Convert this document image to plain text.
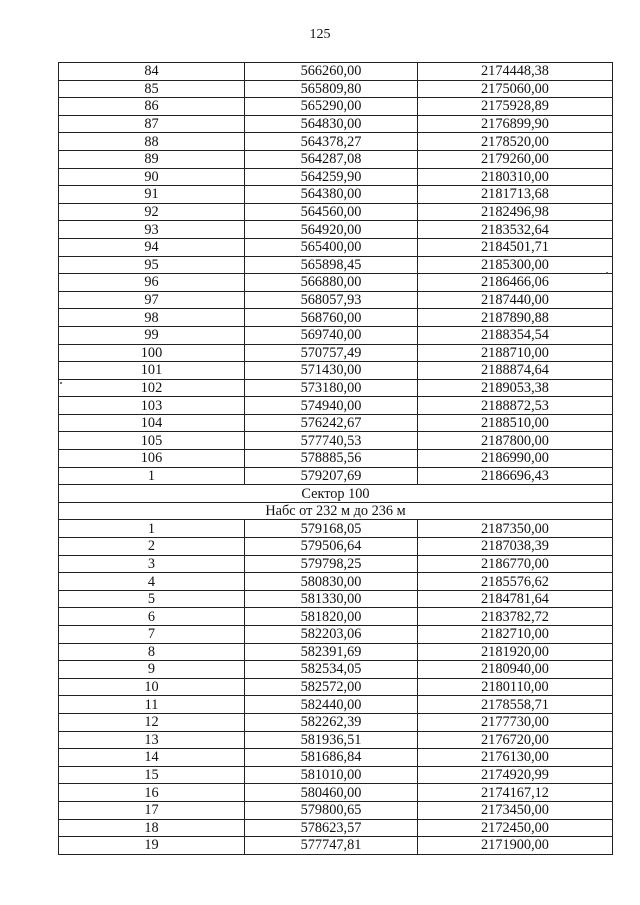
125
84	566260,00	2174448,38
85	565809,80	2175060,00
86	565290,00	2175928,89
87	564830,00	2176899,90
88	564378,27	2178520,00
89	564287,08	2179260,00
90	564259,90	2180310,00
91	564380,00	2181713,68
92	564560,00	2182496,98
93	564920,00	2183532,64
94	565400,00	2184501,71
95	565898,45	2185300,00
96	566880,00	2186466,06
97	568057,93	2187440,00
98	568760,00	2187890,88
99	569740,00	2188354,54
100	570757,49	2188710,00
101	571430,00	2188874,64
102	573180,00	2189053,38
103	574940,00	2188872,53
104	576242,67	2188510,00
105	577740,53	2187800,00
106	578885,56	2186990,00
1	579207,69	2186696,43
Сектор 100		
Набс от 232 м до 236 м		
1	579168,05	2187350,00
2	579506,64	2187038,39
3	579798,25	2186770,00
4	580830,00	2185576,62
5	581330,00	2184781,64
6	581820,00	2183782,72
7	582203,06	2182710,00
8	582391,69	2181920,00
9	582534,05	2180940,00
10	582572,00	2180110,00
11	582440,00	2178558,71
12	582262,39	2177730,00
13	581936,51	2176720,00
14	581686,84	2176130,00
15	581010,00	2174920,99
16	580460,00	2174167,12
17	579800,65	2173450,00
18	578623,57	2172450,00
19	577747,81	2171900,00
